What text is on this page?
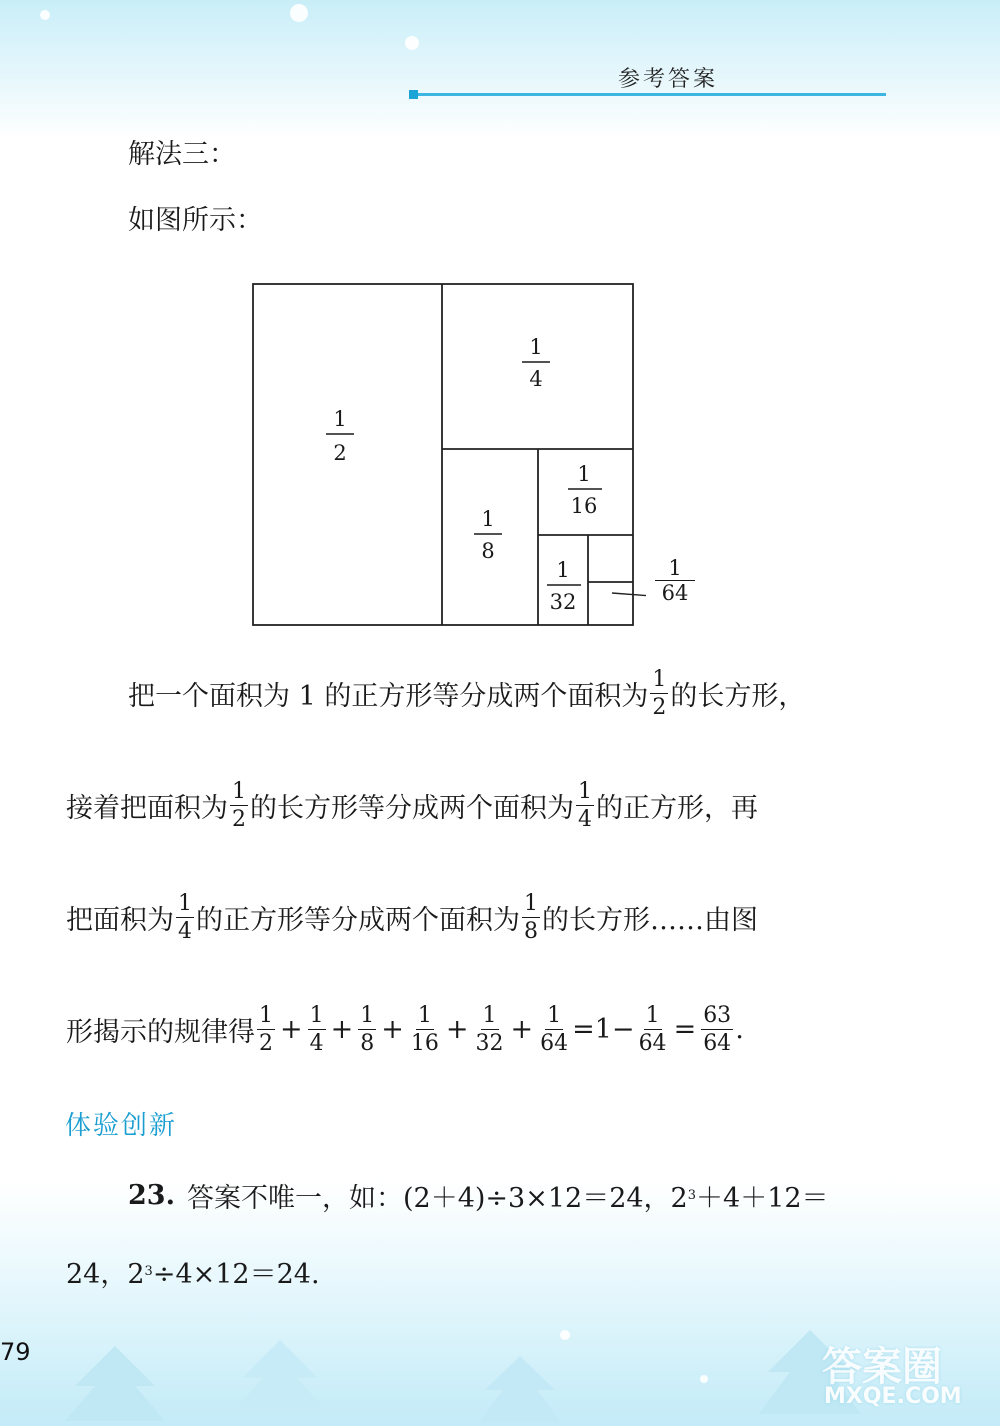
参考答案
解法三：
如图所示：
1
2
1
4
1
8
1
16
1
32
1
64
把一个面积为 1 的正方形等分成两个面积为 $\frac{1}{2}$ 的长方形，
接着把面积为 $\frac{1}{2}$ 的长方形等分成两个面积为 $\frac{1}{4}$ 的正方形，再
把面积为 $\frac{1}{4}$ 的正方形等分成两个面积为 $\frac{1}{8}$ 的长方形……由图
形揭示的规律得 $\frac{1}{2} + \frac{1}{4} + \frac{1}{8} + \frac{1}{16} + \frac{1}{32} + \frac{1}{64} =1- \frac{1}{64} = \frac{63}{64}$ .
体验创新
23. 答案不唯一，如：(2＋4)÷3×12＝24，2 3 ＋4＋12＝
24，2 3 ÷4×12＝24.
79	答案圈
MXQE.COM
